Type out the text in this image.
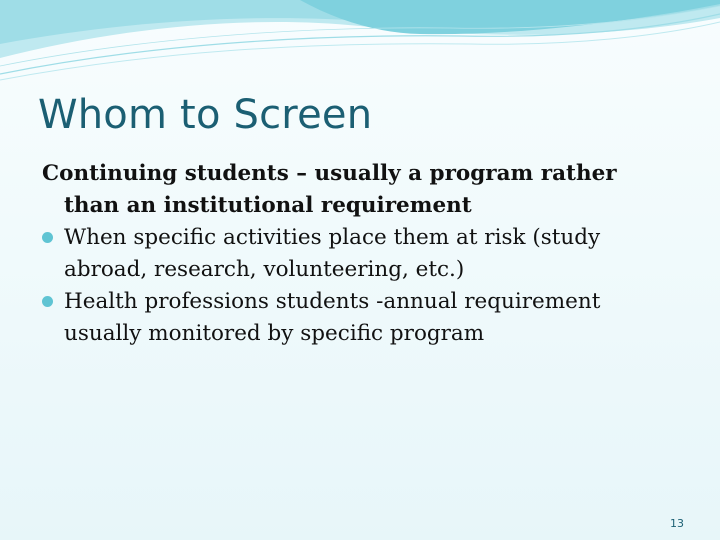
Whom to Screen

Continuing students – usually a program rather than an institutional requirement

When specific activities place them at risk (study abroad, research, volunteering, etc.)

Health professions students -annual requirement usually monitored by specific program

13
